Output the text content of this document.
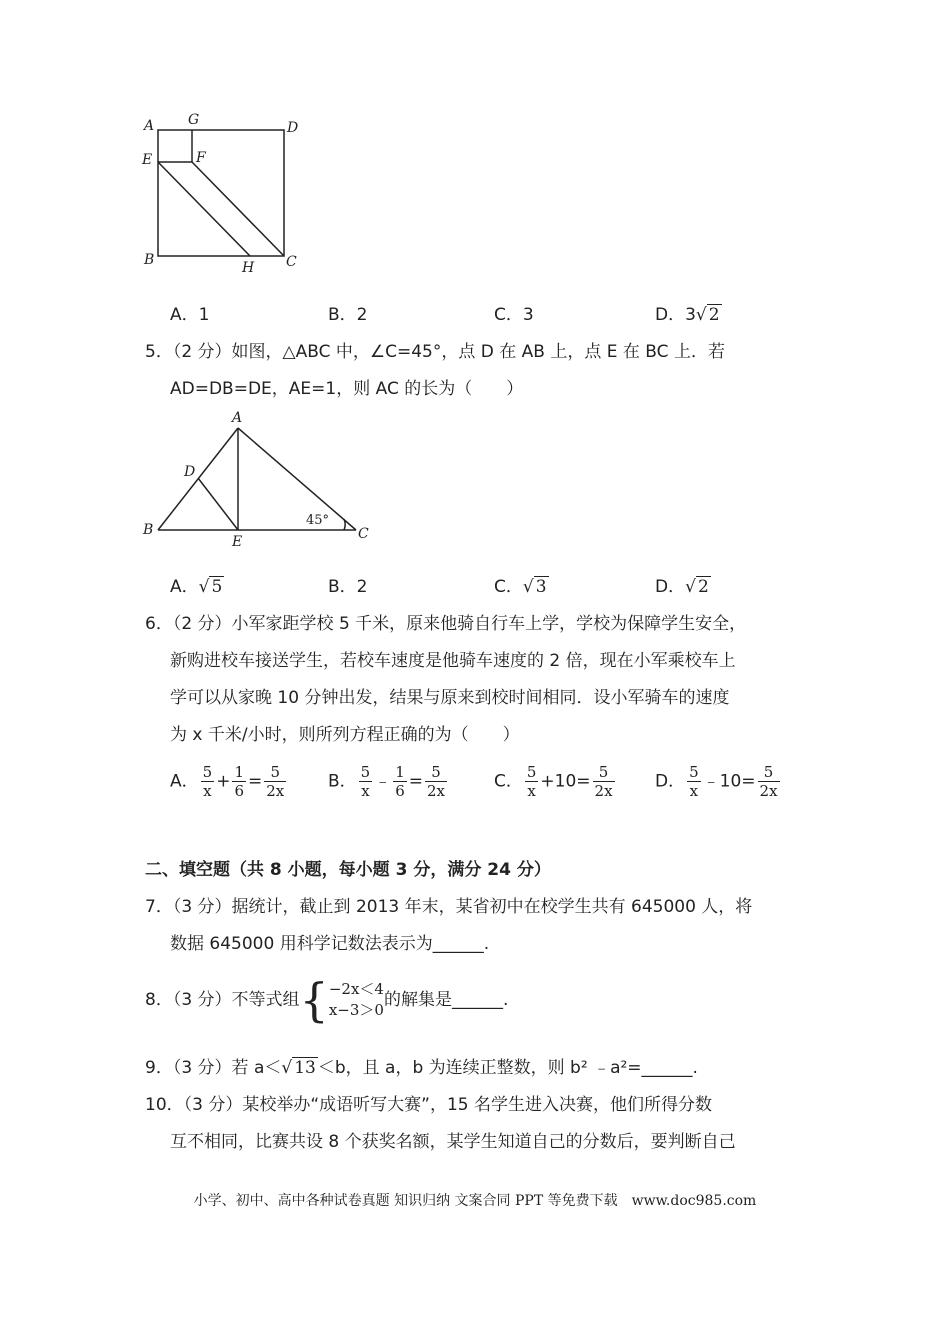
A G	D
E	F
B	H C
A．1	B．2	C．3	D．3√ 2
5．（2 分）如图，△ABC 中，∠C=45°，点 D 在 AB 上，点 E 在 BC 上．若
AD=DB=DE，AE=1，则 AC 的长为（　　）
A
D
B
E	C
45°
A．√ 5	B．2	C．√ 3	D．√ 2
6．（2 分）小军家距学校 5 千米，原来他骑自行车上学，学校为保障学生安全，
新购进校车接送学生，若校车速度是他骑车速度的 2 倍，现在小军乘校车上
学可以从家晚 10 分钟出发，结果与原来到校时间相同．设小军骑车的速度
为 x 千米/小时，则所列方程正确的为（　　）
A． $\frac{5}{x} + \frac{1}{6} = \frac{5}{2x}$ B． $\frac{5}{x}$ ﹣ $\frac{1}{6} = \frac{5}{2x}$	C． $\frac{5}{x} +10= \frac{5}{2x}$ D． $\frac{5}{x}$ ﹣10= $\frac{5}{2x}$
二、填空题（共 8 小题，每小题 3 分，满分 24 分）
7．（3 分）据统计，截止到 2013 年末，某省初中在校学生共有 645000 人，将
数据 645000 用科学记数法表示为______.
8．（3 分）不等式组{ −2x＜4
x−3＞0 的解集是______.
9．（3 分）若 a＜√ 13 ＜b，且 a，b 为连续正整数，则 b² ﹣a²=______.
10．（3 分）某校举办“成语听写大赛”，15 名学生进入决赛，他们所得分数
互不相同，比赛共设 8 个获奖名额，某学生知道自己的分数后，要判断自己
小学、初中、高中各种试卷真题 知识归纳 文案合同 PPT 等免费下载　www.doc985.com
